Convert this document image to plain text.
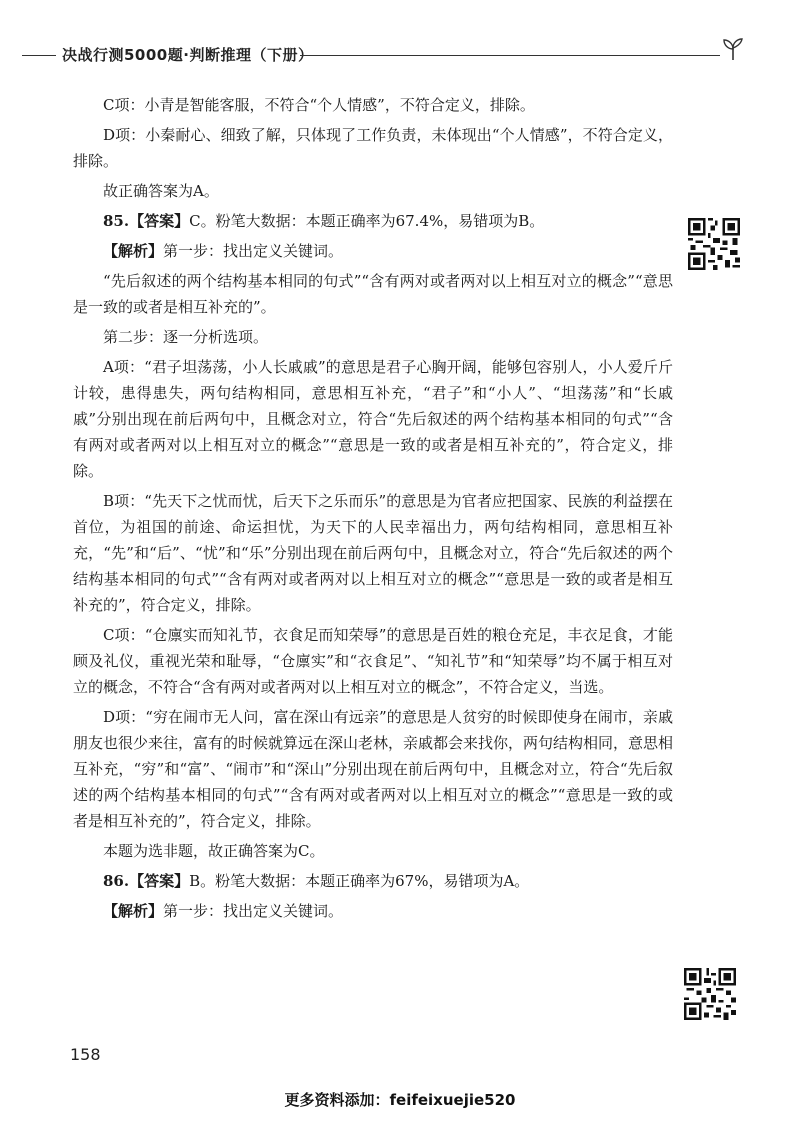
决战行测5000题·判断推理（下册）

C项：小青是智能客服，不符合“个人情感”，不符合定义，排除。

D项：小秦耐心、细致了解，只体现了工作负责，未体现出“个人情感”，不符合定义，排除。

故正确答案为A。

85.【答案】C。粉笔大数据：本题正确率为67.4%，易错项为B。

【解析】第一步：找出定义关键词。

“先后叙述的两个结构基本相同的句式”“含有两对或者两对以上相互对立的概念”“意思是一致的或者是相互补充的”。

第二步：逐一分析选项。

A项：“君子坦荡荡，小人长戚戚”的意思是君子心胸开阔，能够包容别人，小人爱斤斤计较，患得患失，两句结构相同，意思相互补充，“君子”和“小人”、“坦荡荡”和“长戚戚”分别出现在前后两句中，且概念对立，符合“先后叙述的两个结构基本相同的句式”“含有两对或者两对以上相互对立的概念”“意思是一致的或者是相互补充的”，符合定义，排除。

B项：“先天下之忧而忧，后天下之乐而乐”的意思是为官者应把国家、民族的利益摆在首位，为祖国的前途、命运担忧，为天下的人民幸福出力，两句结构相同，意思相互补充，“先”和“后”、“忧”和“乐”分别出现在前后两句中，且概念对立，符合“先后叙述的两个结构基本相同的句式”“含有两对或者两对以上相互对立的概念”“意思是一致的或者是相互补充的”，符合定义，排除。

C项：“仓廪实而知礼节，衣食足而知荣辱”的意思是百姓的粮仓充足，丰衣足食，才能顾及礼仪，重视光荣和耻辱，“仓廪实”和“衣食足”、“知礼节”和“知荣辱”均不属于相互对立的概念，不符合“含有两对或者两对以上相互对立的概念”，不符合定义，当选。

D项：“穷在闹市无人问，富在深山有远亲”的意思是人贫穷的时候即使身在闹市，亲戚朋友也很少来往，富有的时候就算远在深山老林，亲戚都会来找你，两句结构相同，意思相互补充，“穷”和“富”、“闹市”和“深山”分别出现在前后两句中，且概念对立，符合“先后叙述的两个结构基本相同的句式”“含有两对或者两对以上相互对立的概念”“意思是一致的或者是相互补充的”，符合定义，排除。

本题为选非题，故正确答案为C。

86.【答案】B。粉笔大数据：本题正确率为67%，易错项为A。

【解析】第一步：找出定义关键词。

158
更多资料添加：feifeixuejie520
